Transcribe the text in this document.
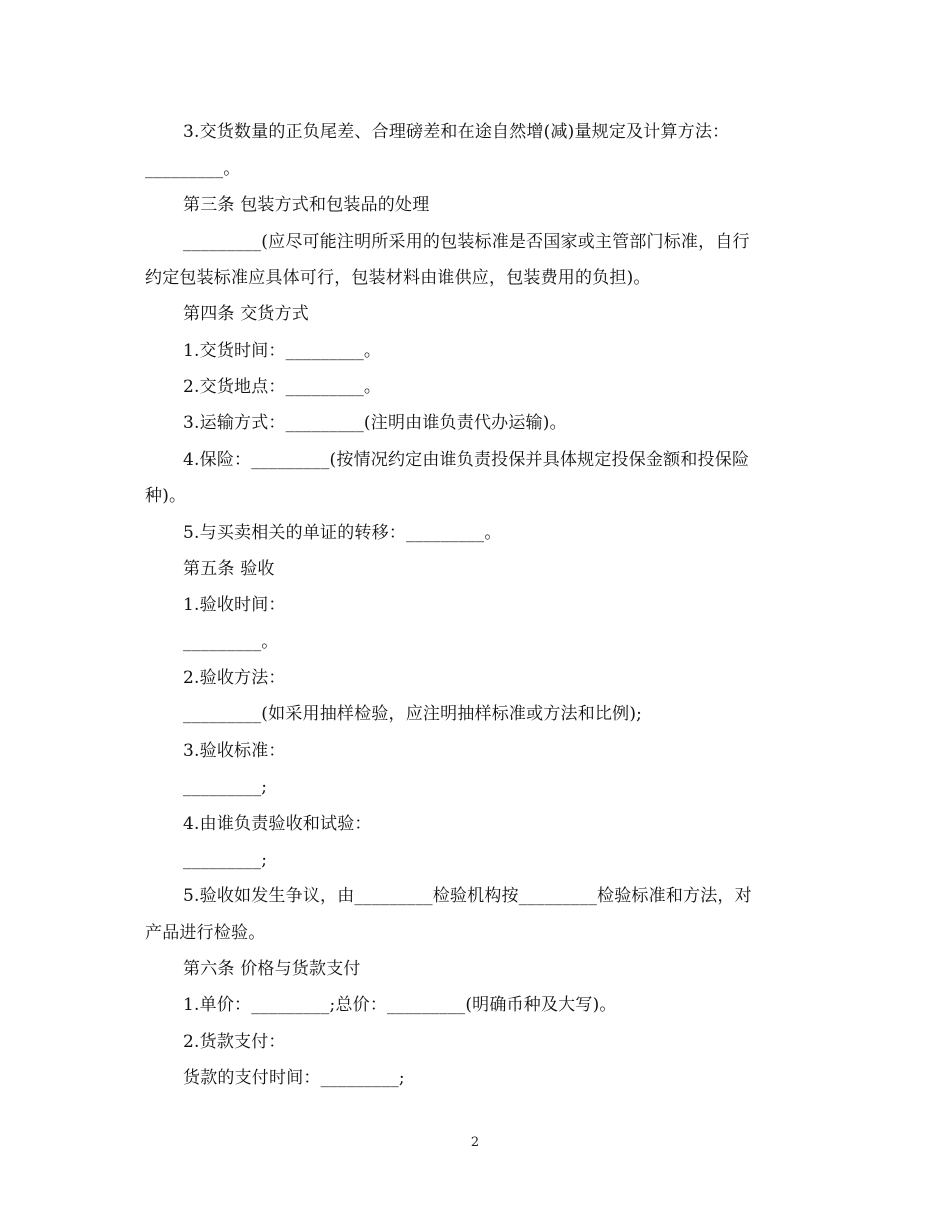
3.交货数量的正负尾差、合理磅差和在途自然增(减)量规定及计算方法：
_________。
第三条 包装方式和包装品的处理
_________(应尽可能注明所采用的包装标准是否国家或主管部门标准，自行
约定包装标准应具体可行，包装材料由谁供应，包装费用的负担)。
第四条 交货方式
1.交货时间：_________。
2.交货地点：_________。
3.运输方式：_________(注明由谁负责代办运输)。
4.保险：_________(按情况约定由谁负责投保并具体规定投保金额和投保险
种)。
5.与买卖相关的单证的转移：_________。
第五条 验收
1.验收时间：
_________。
2.验收方法：
_________(如采用抽样检验，应注明抽样标准或方法和比例);
3.验收标准：
_________;
4.由谁负责验收和试验：
_________;
5.验收如发生争议，由_________检验机构按_________检验标准和方法，对
产品进行检验。
第六条 价格与货款支付
1.单价：_________;总价：_________(明确币种及大写)。
2.货款支付：
货款的支付时间：_________;
2
